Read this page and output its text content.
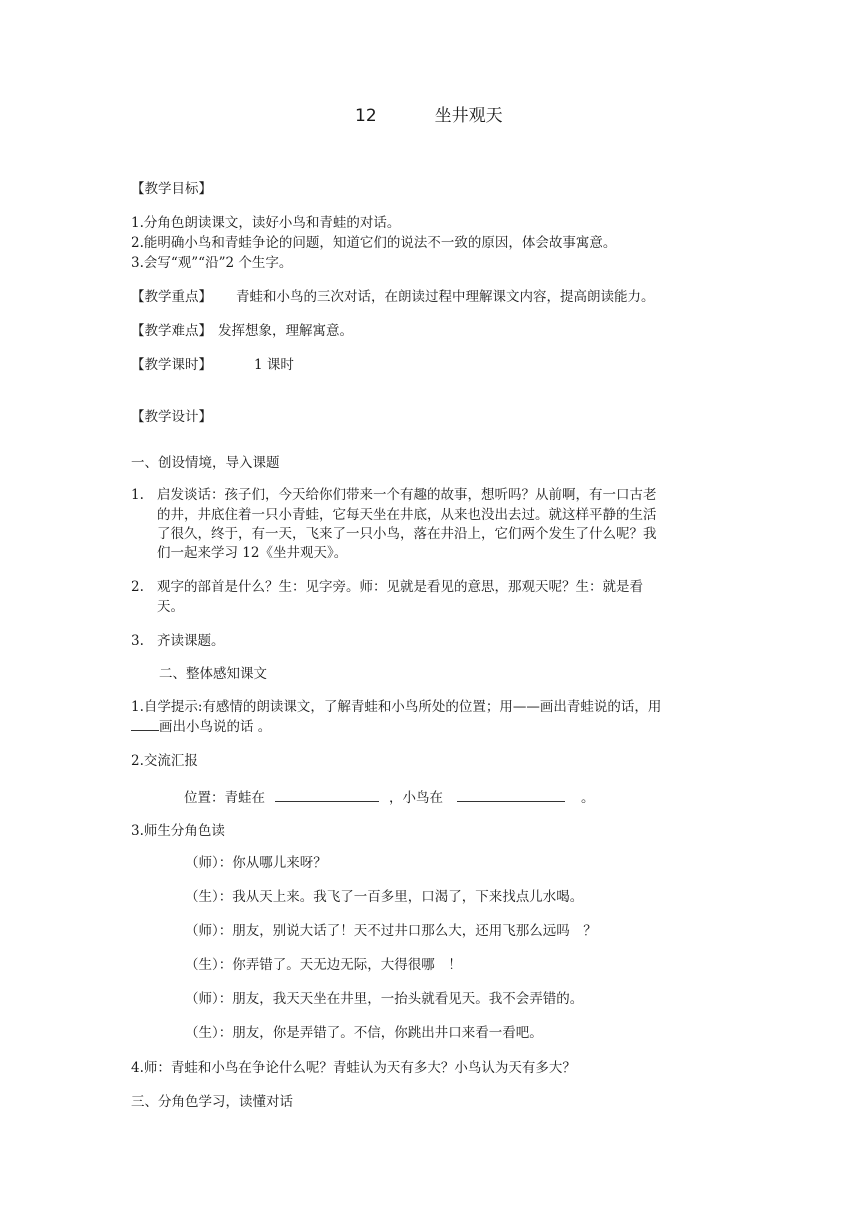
12	坐井观天
【教学目标】
1.分角色朗读课文，读好小鸟和青蛙的对话。
2.能明确小鸟和青蛙争论的问题，知道它们的说法不一致的原因，体会故事寓意。
3.会写“观”“沿”2 个生字。
【教学重点】 青蛙和小鸟的三次对话，在朗读过程中理解课文内容，提高朗读能力。
【教学难点】 发挥想象，理解寓意。
【教学课时】	1 课时
【教学设计】
一、创设情境，导入课题
1. 启发谈话：孩子们，今天给你们带来一个有趣的故事，想听吗？从前啊，有一口古老
的井，井底住着一只小青蛙，它每天坐在井底，从来也没出去过。就这样平静的生活
了很久，终于，有一天，飞来了一只小鸟，落在井沿上，它们两个发生了什么呢？我
们一起来学习 12《坐井观天》。
2. 观字的部首是什么？生：见字旁。师：见就是看见的意思，那观天呢？生：就是看
天。
3. 齐读课题。
二、整体感知课文
1.自学提示:有感情的朗读课文，了解青蛙和小鸟所处的位置；用——画出青蛙说的话，用
画出小鸟说的话 。
2.交流汇报
位置：青蛙在	，小鸟在	。
3.师生分角色读
（师）：你从哪儿来呀？
（生）：我从天上来。我飞了一百多里，口渴了，下来找点儿水喝。
（师）：朋友，别说大话了！天不过井口那么大，还用飞那么远吗　？
（生）：你弄错了。天无边无际，大得很哪　！
（师）：朋友，我天天坐在井里，一抬头就看见天。我不会弄错的。
（生）：朋友，你是弄错了。不信，你跳出井口来看一看吧。
4.师：青蛙和小鸟在争论什么呢？青蛙认为天有多大？小鸟认为天有多大？
三、分角色学习，读懂对话
